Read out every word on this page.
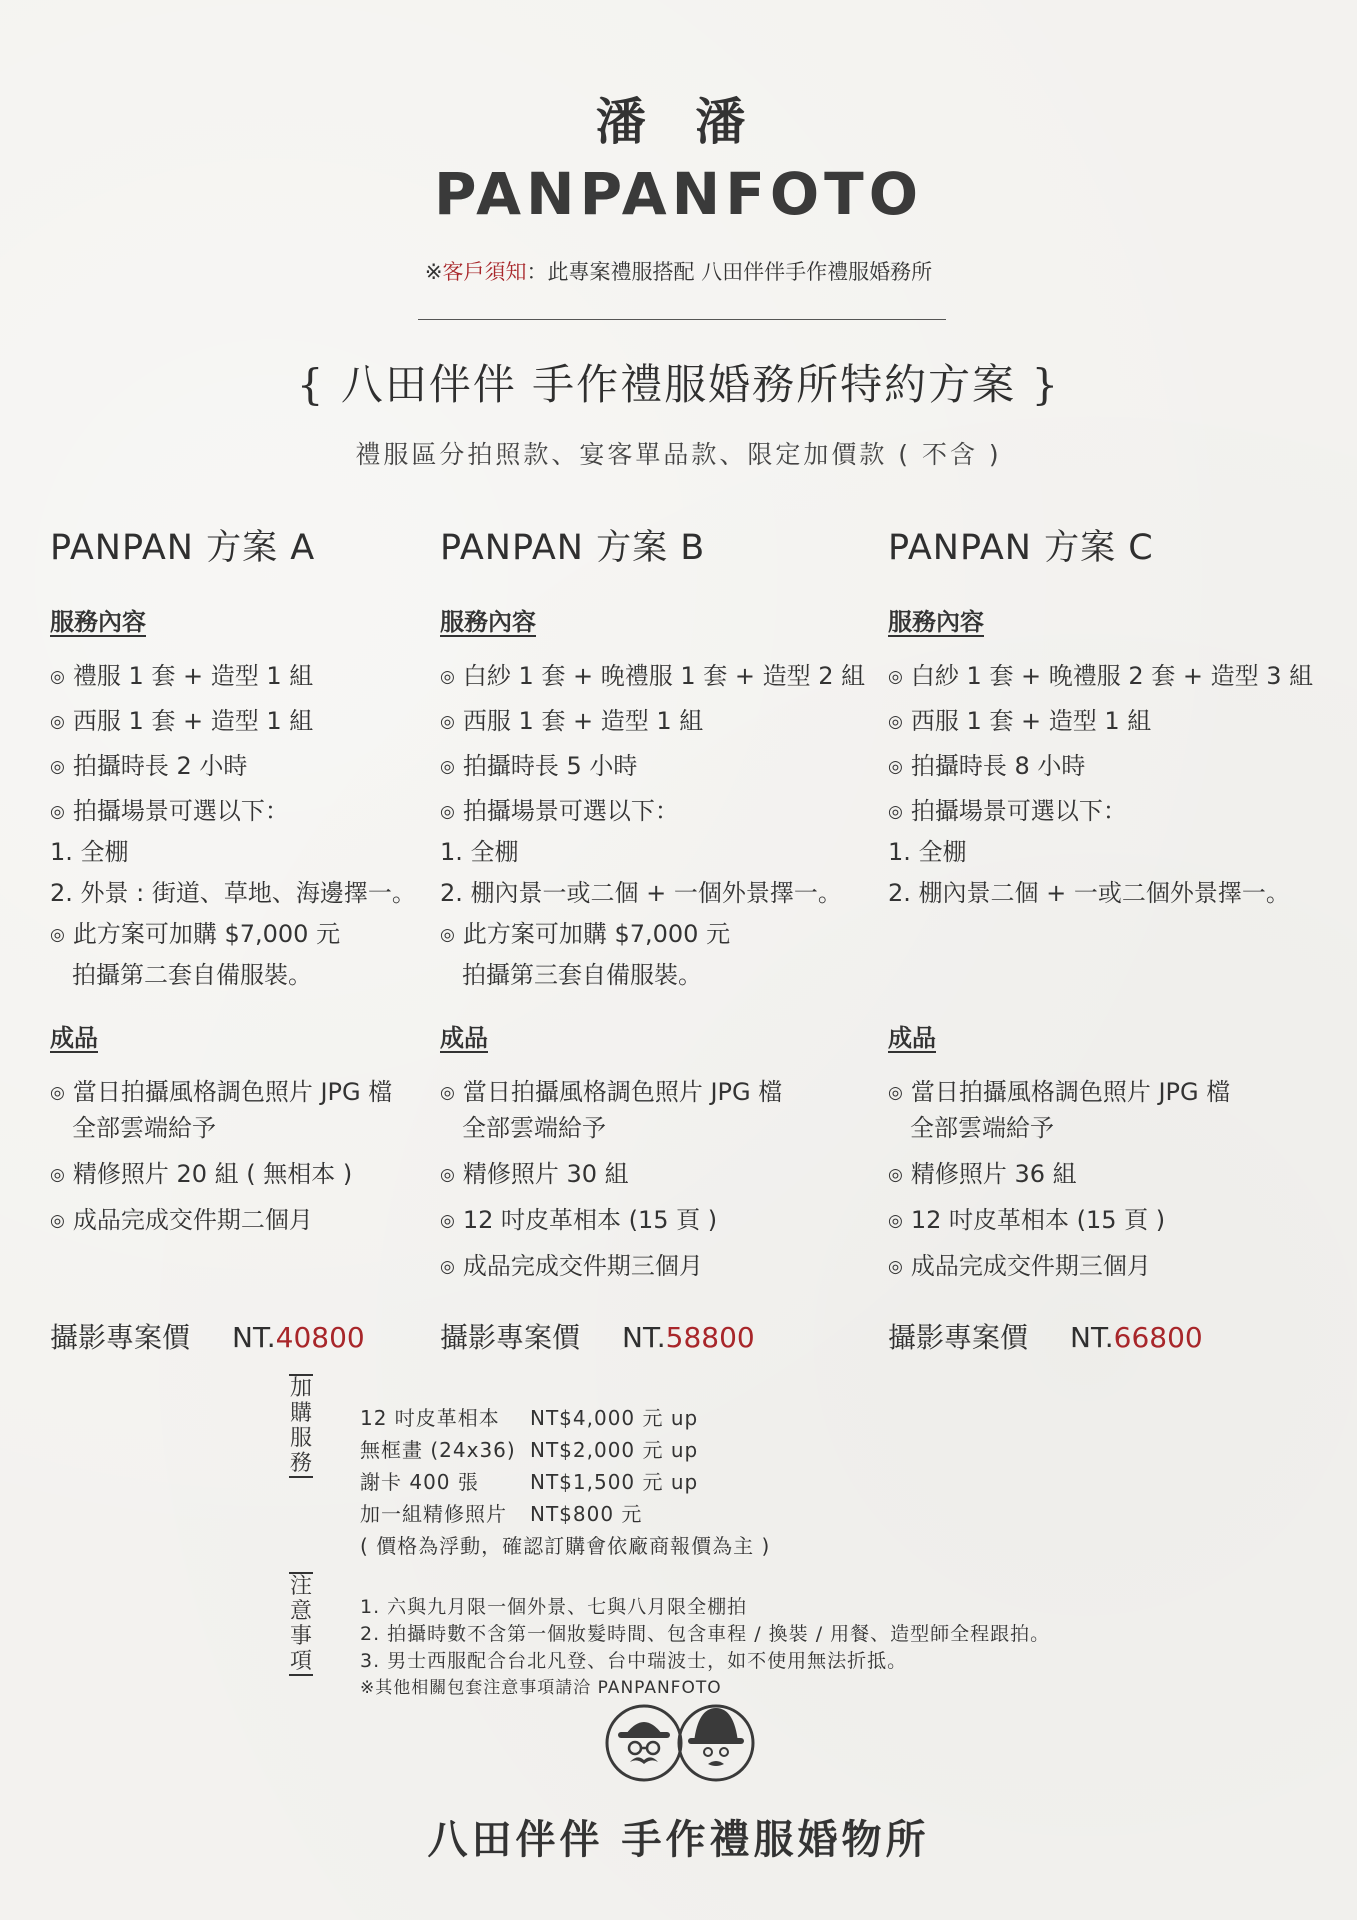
潘 潘
PANPANFOTO
※客戶須知：此專案禮服搭配 八田伴伴手作禮服婚務所
{ 八田伴伴 手作禮服婚務所特約方案 }
禮服區分拍照款、宴客單品款、限定加價款 ( 不含 )
PANPAN 方案 A
服務內容
◎ 禮服 1 套 + 造型 1 組
◎ 西服 1 套 + 造型 1 組
◎ 拍攝時長 2 小時
◎ 拍攝場景可選以下：
1. 全棚
2. 外景 : 街道、草地、海邊擇一。
◎ 此方案可加購 $7,000 元
拍攝第二套自備服裝。
成品
◎ 當日拍攝風格調色照片 JPG 檔
全部雲端給予
◎ 精修照片 20 組 ( 無相本 )
◎ 成品完成交件期二個月
攝影專案價 NT.40800
PANPAN 方案 B
服務內容
◎ 白紗 1 套 + 晚禮服 1 套 + 造型 2 組
◎ 西服 1 套 + 造型 1 組
◎ 拍攝時長 5 小時
◎ 拍攝場景可選以下：
1. 全棚
2. 棚內景一或二個 + 一個外景擇一。
◎ 此方案可加購 $7,000 元
拍攝第三套自備服裝。
成品
◎ 當日拍攝風格調色照片 JPG 檔
全部雲端給予
◎ 精修照片 30 組
◎ 12 吋皮革相本 (15 頁 )
◎ 成品完成交件期三個月
攝影專案價 NT.58800
PANPAN 方案 C
服務內容
◎ 白紗 1 套 + 晚禮服 2 套 + 造型 3 組
◎ 西服 1 套 + 造型 1 組
◎ 拍攝時長 8 小時
◎ 拍攝場景可選以下：
1. 全棚
2. 棚內景二個 + 一或二個外景擇一。
成品
◎ 當日拍攝風格調色照片 JPG 檔
全部雲端給予
◎ 精修照片 36 組
◎ 12 吋皮革相本 (15 頁 )
◎ 成品完成交件期三個月
攝影專案價 NT.66800
加
購
服
務
12 吋皮革相本 NT$4,000 元 up
無框畫 (24x36) NT$2,000 元 up
謝卡 400 張	NT$1,500 元 up
加一組精修照片 NT$800 元
( 價格為浮動，確認訂購會依廠商報價為主 )
注
意
事
項
1. 六與九月限一個外景、七與八月限全棚拍
2. 拍攝時數不含第一個妝髮時間、包含車程 / 換裝 / 用餐、造型師全程跟拍。
3. 男士西服配合台北凡登、台中瑞波士，如不使用無法折抵。
※其他相關包套注意事項請洽 PANPANFOTO
八田伴伴 手作禮服婚物所
